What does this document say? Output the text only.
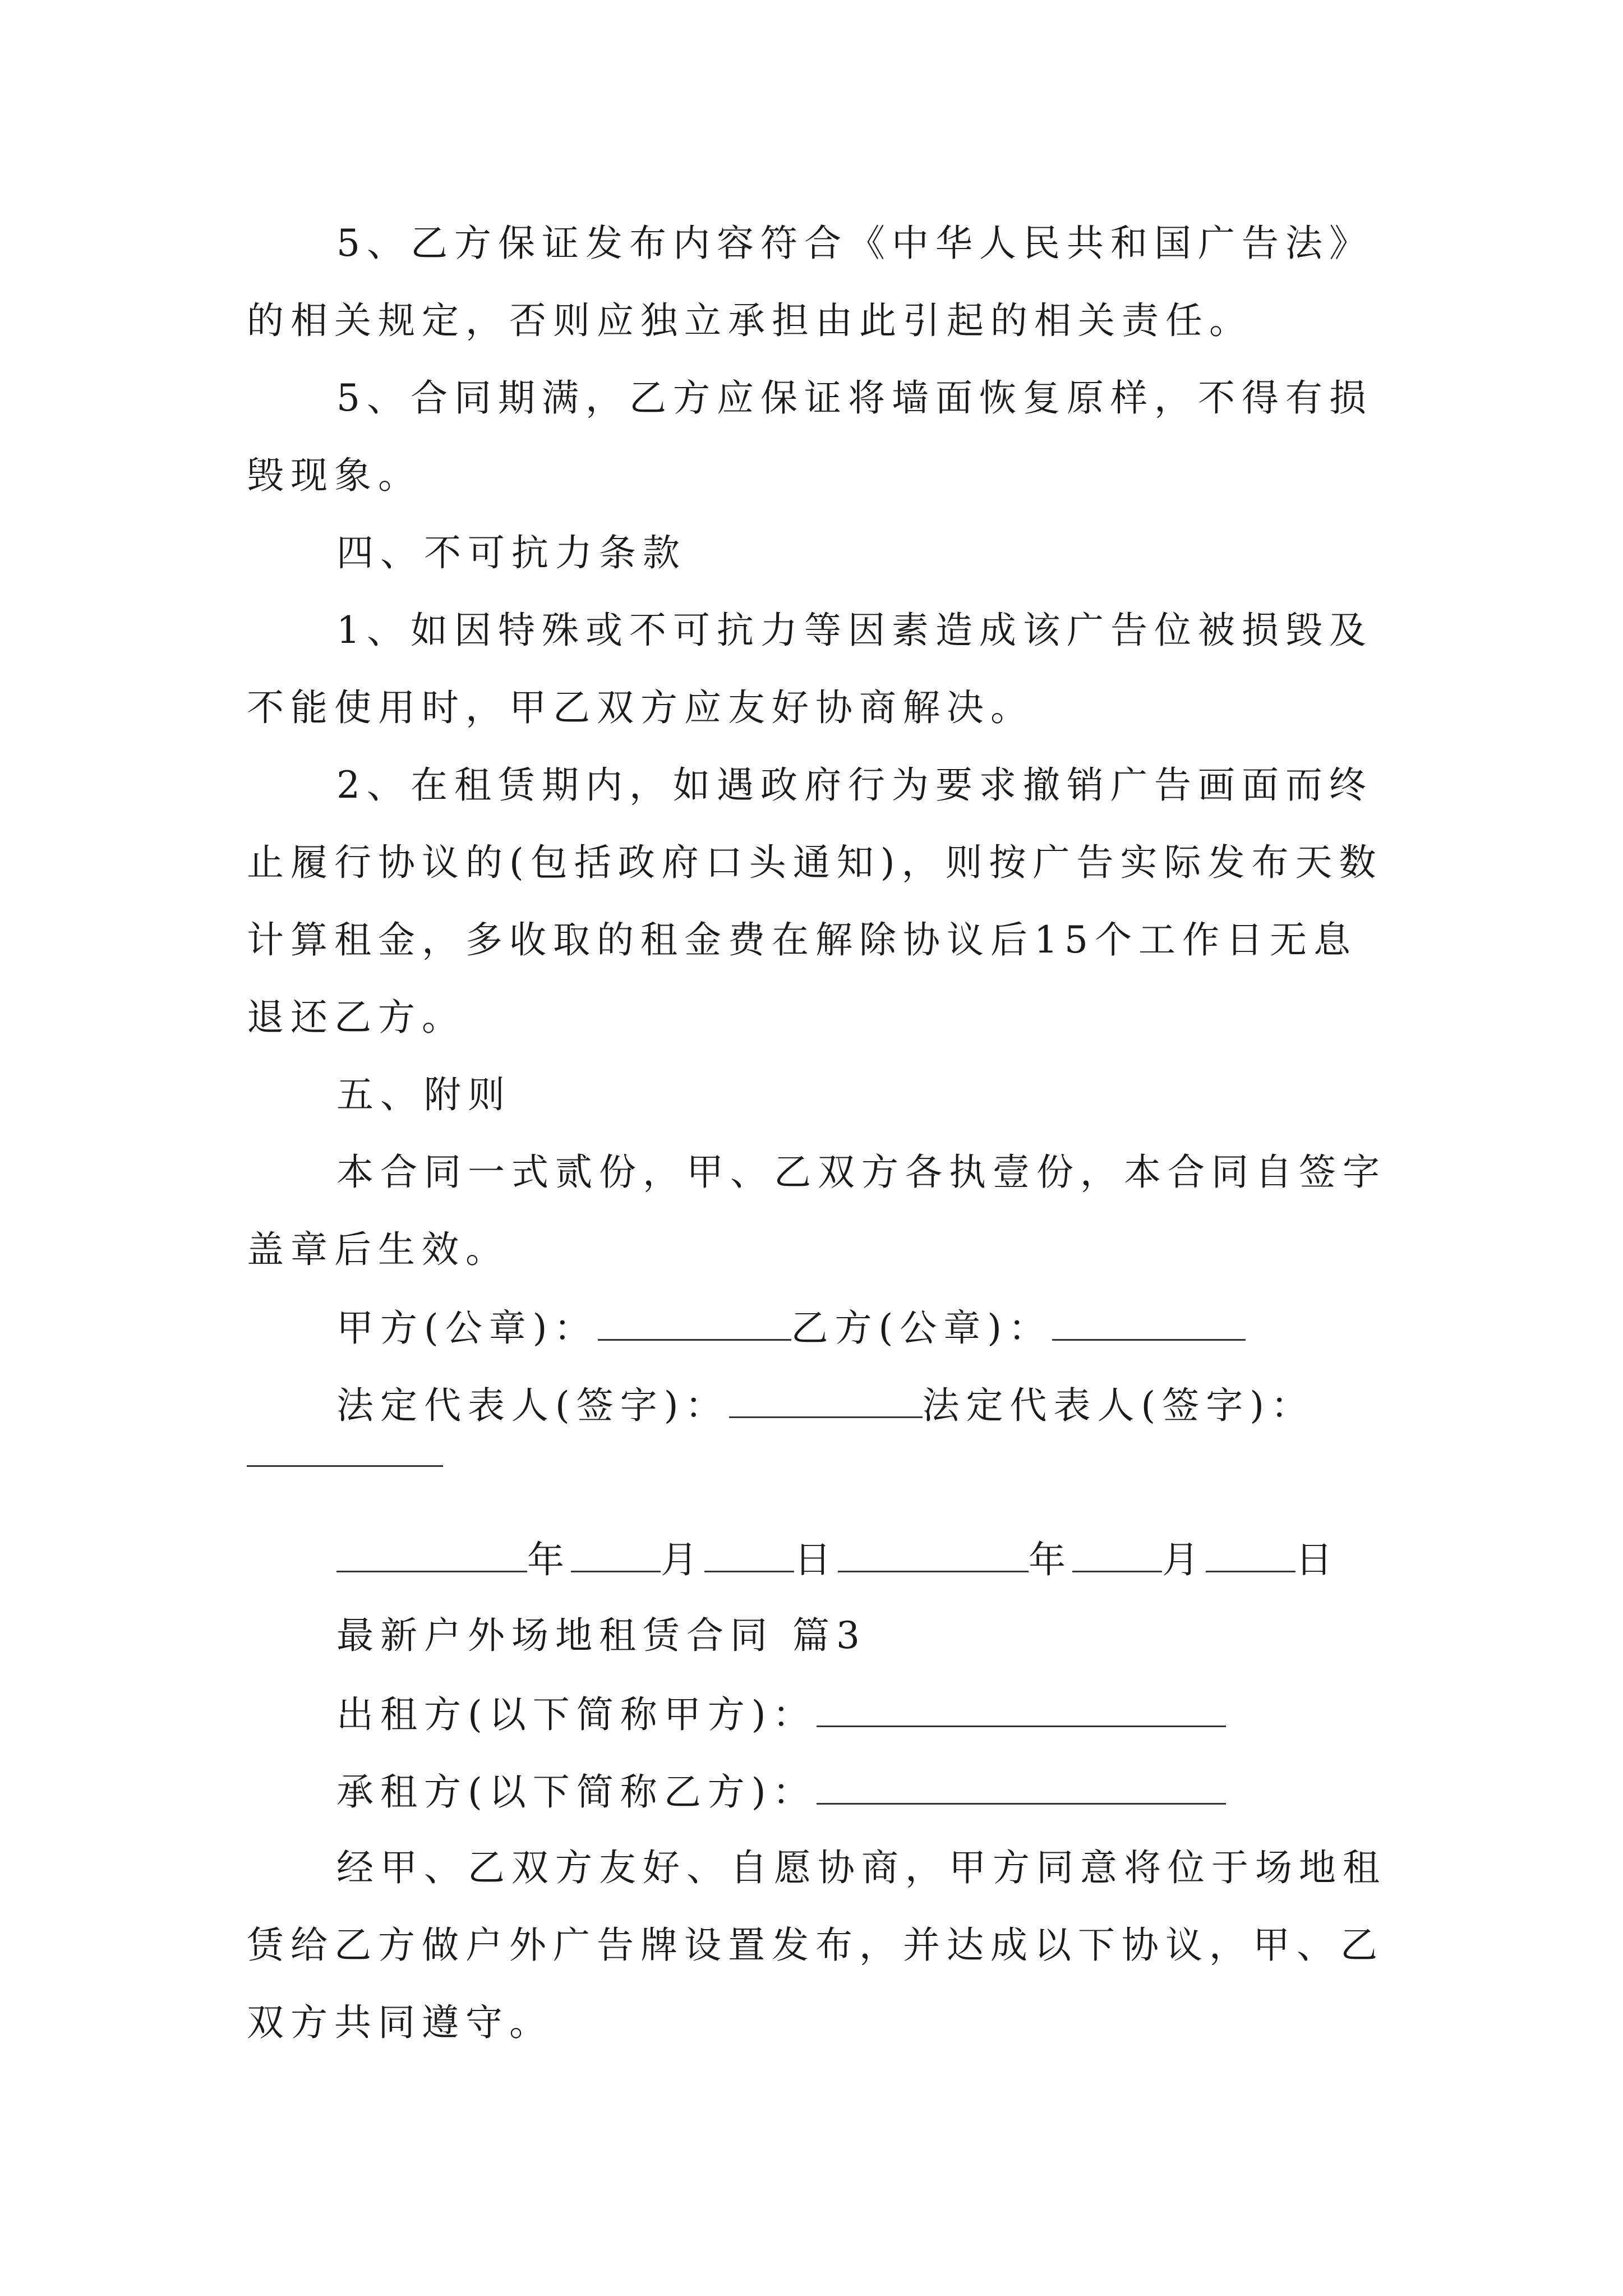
5、乙方保证发布内容符合《中华人民共和国广告法》
的相关规定，否则应独立承担由此引起的相关责任。
5、合同期满，乙方应保证将墙面恢复原样，不得有损
毁现象。
四、不可抗力条款
1、如因特殊或不可抗力等因素造成该广告位被损毁及
不能使用时，甲乙双方应友好协商解决。
2、在租赁期内，如遇政府行为要求撤销广告画面而终
止履行协议的(包括政府口头通知)，则按广告实际发布天数
计算租金，多收取的租金费在解除协议后15个工作日无息
退还乙方。
五、附则
本合同一式贰份，甲、乙双方各执壹份，本合同自签字
盖章后生效。
甲方(公章)：	乙方(公章)：
法定代表人(签字)：	法定代表人(签字)：
年 月 日	年 月 日
最新户外场地租赁合同 篇3
出租方(以下简称甲方)：
承租方(以下简称乙方)：
经甲、乙双方友好、自愿协商，甲方同意将位于场地租
赁给乙方做户外广告牌设置发布，并达成以下协议，甲、乙
双方共同遵守。
